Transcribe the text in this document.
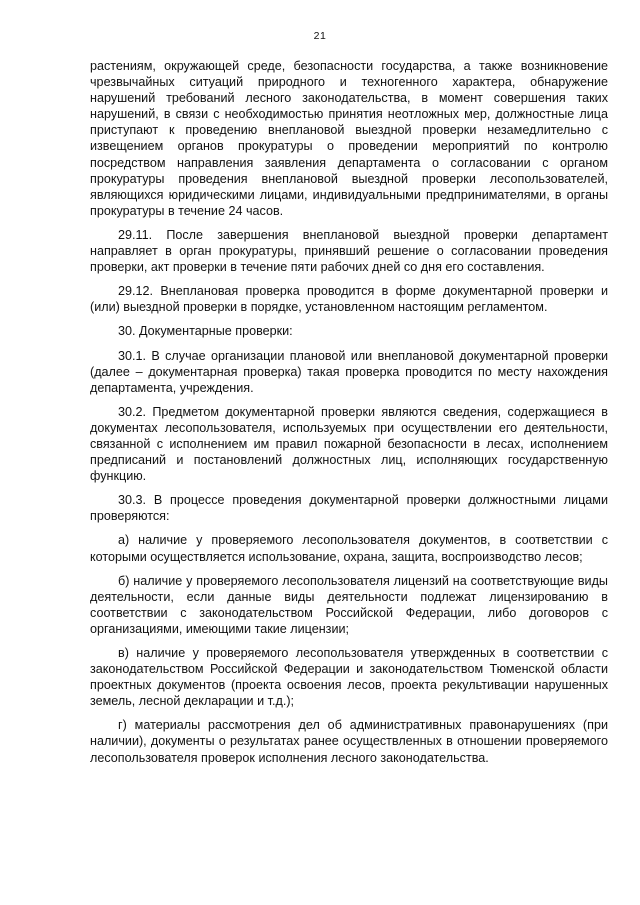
21

растениям, окружающей среде, безопасности государства, а также возникновение чрезвычайных ситуаций природного и техногенного характера, обнаружение нарушений требований лесного законодательства, в момент совершения таких нарушений, в связи с необходимостью принятия неотложных мер, должностные лица приступают к проведению внеплановой выездной проверки незамедлительно с извещением органов прокуратуры о проведении мероприятий по контролю посредством направления заявления департамента о согласовании с органом прокуратуры проведения внеплановой выездной проверки лесопользователей, являющихся юридическими лицами, индивидуальными предпринимателями, в органы прокуратуры в течение 24 часов.

29.11. После завершения внеплановой выездной проверки департамент направляет в орган прокуратуры, принявший решение о согласовании проведения проверки, акт проверки в течение пяти рабочих дней со дня его составления.

29.12. Внеплановая проверка проводится в форме документарной проверки и (или) выездной проверки в порядке, установленном настоящим регламентом.

30. Документарные проверки:

30.1. В случае организации плановой или внеплановой документарной проверки (далее – документарная проверка) такая проверка проводится по месту нахождения департамента, учреждения.

30.2. Предметом документарной проверки являются сведения, содержащиеся в документах лесопользователя, используемых при осуществлении его деятельности, связанной с исполнением им правил пожарной безопасности в лесах, исполнением предписаний и постановлений должностных лиц, исполняющих государственную функцию.

30.3. В процессе проведения документарной проверки должностными лицами проверяются:

а) наличие у проверяемого лесопользователя документов, в соответствии с которыми осуществляется использование, охрана, защита, воспроизводство лесов;

б) наличие у проверяемого лесопользователя лицензий на соответствующие виды деятельности, если данные виды деятельности подлежат лицензированию в соответствии с законодательством Российской Федерации, либо договоров с организациями, имеющими такие лицензии;

в) наличие у проверяемого лесопользователя утвержденных в соответствии с законодательством Российской Федерации и законодательством Тюменской области проектных документов (проекта освоения лесов, проекта рекультивации нарушенных земель, лесной декларации и т.д.);

г) материалы рассмотрения дел об административных правонарушениях (при наличии), документы о результатах ранее осуществленных в отношении проверяемого лесопользователя проверок исполнения лесного законодательства.
